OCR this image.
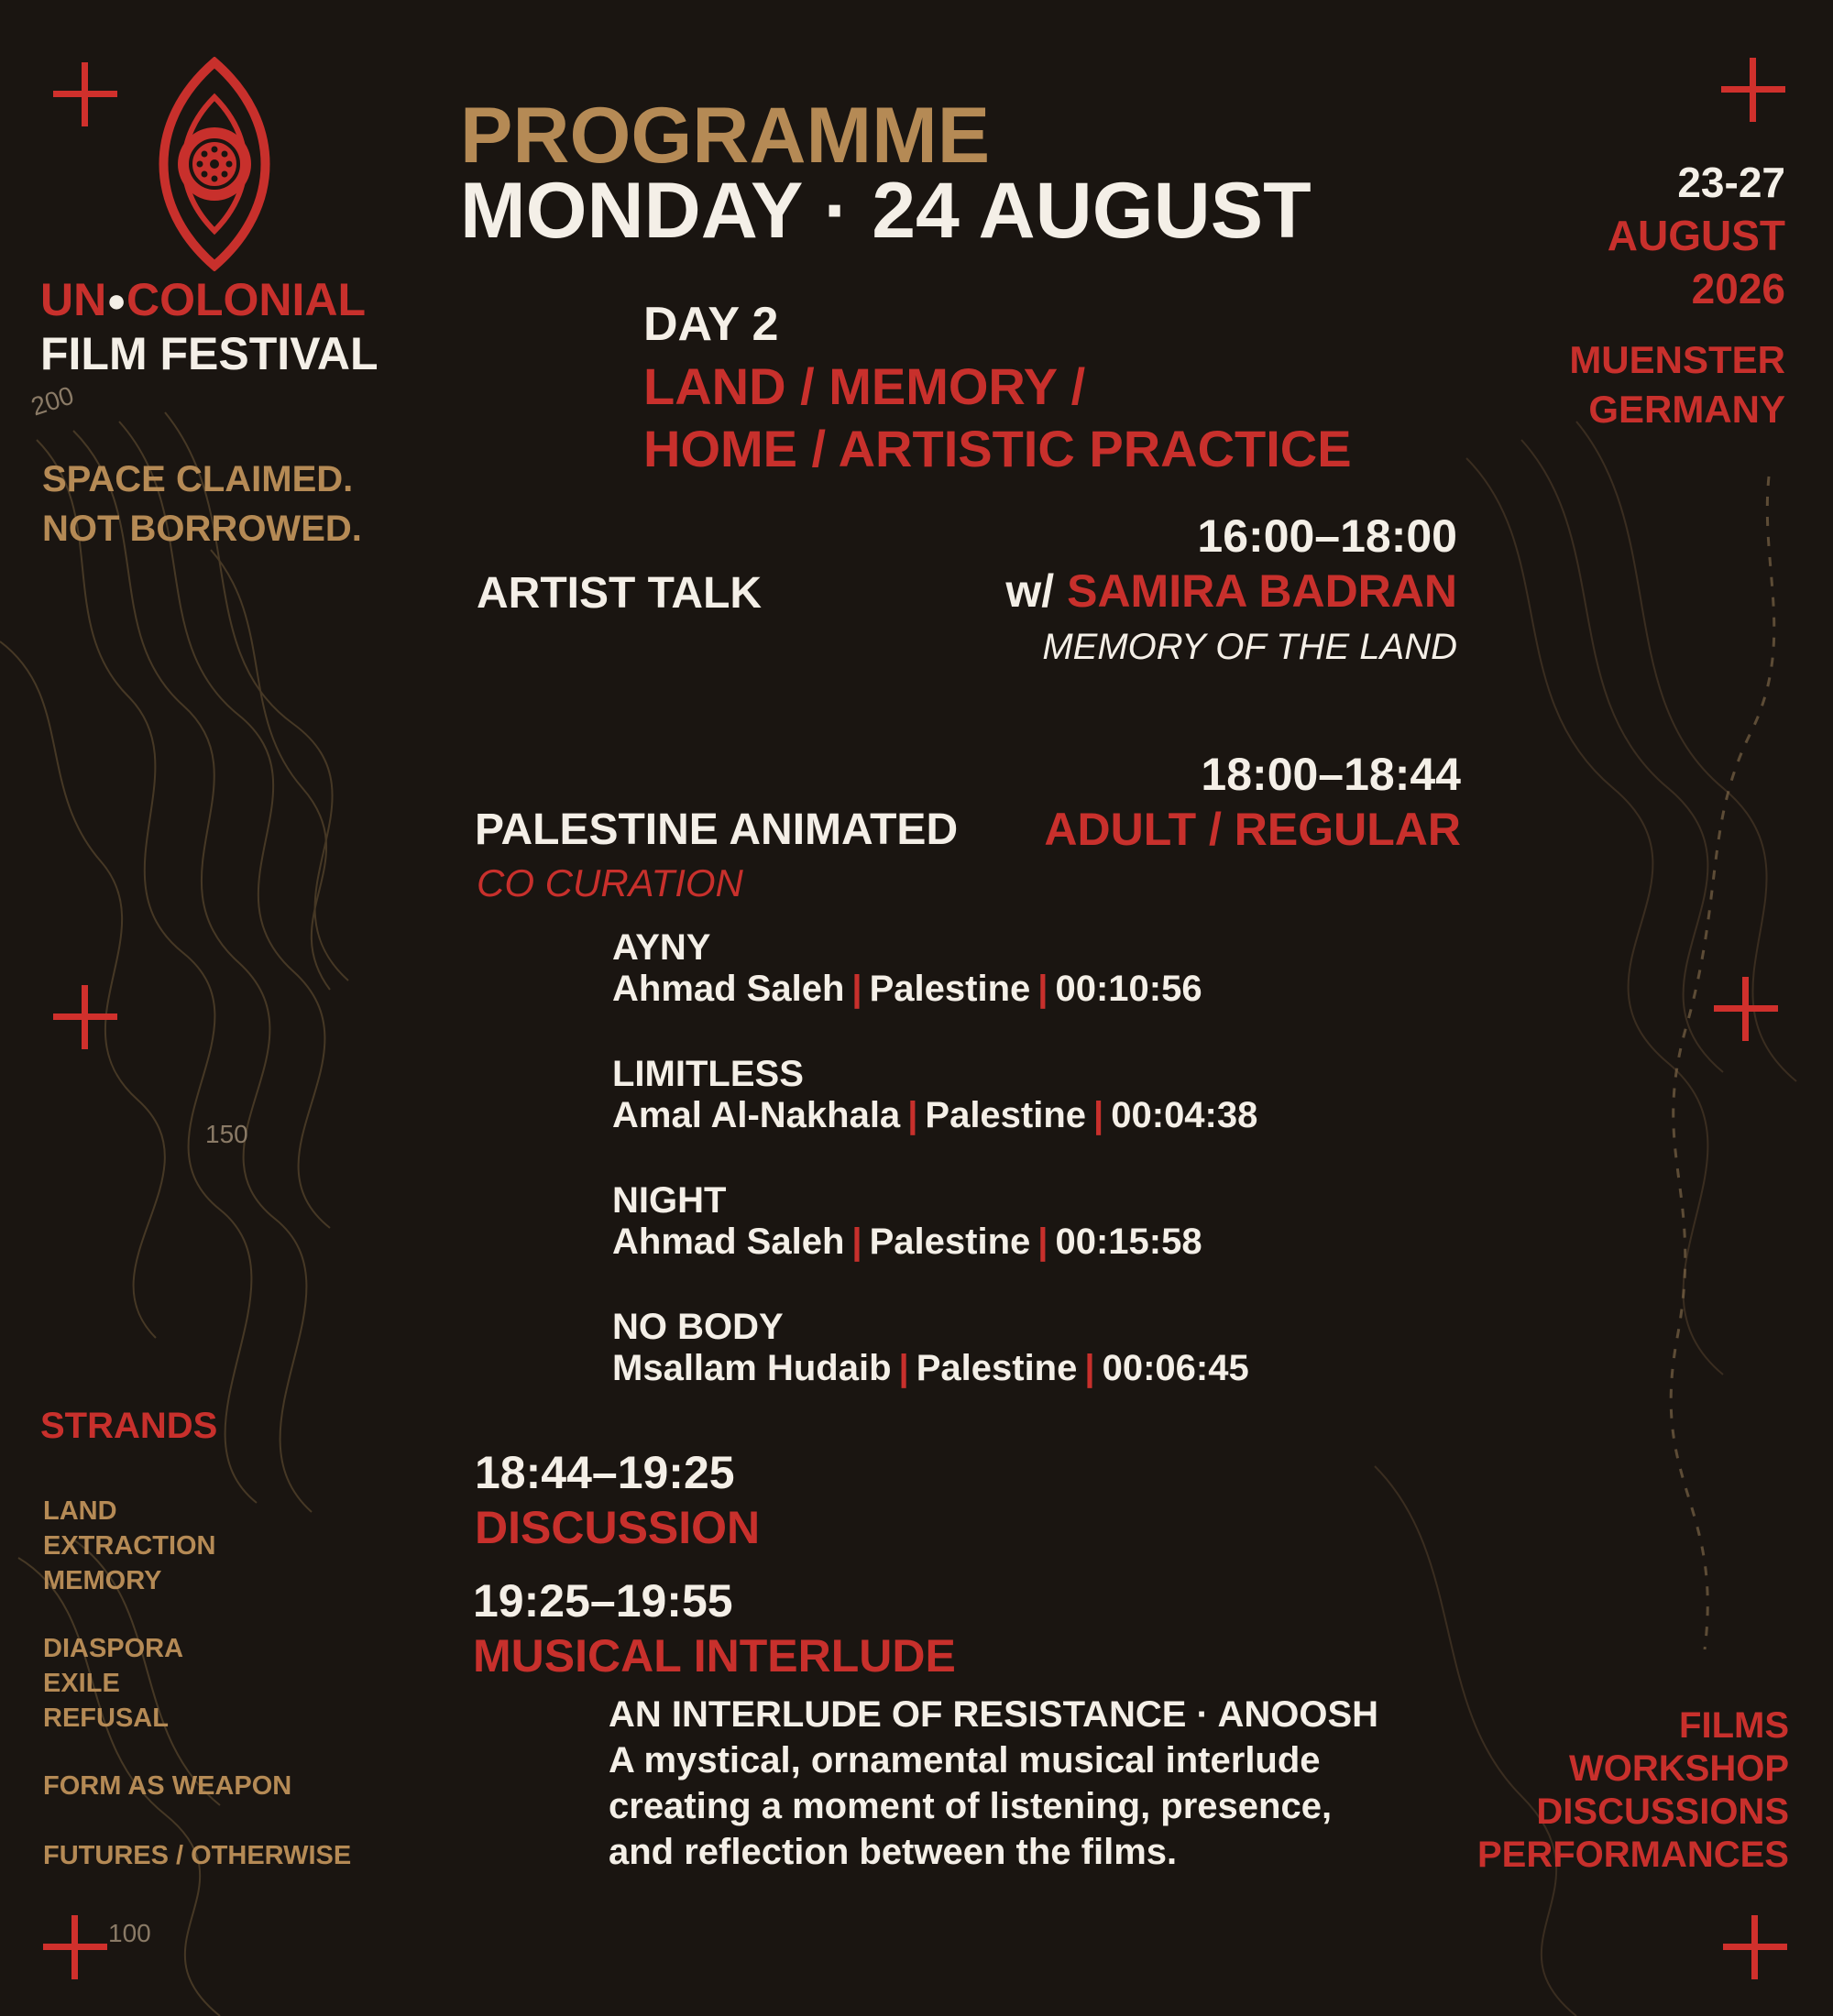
200
150
100
UN●COLONIAL
FILM FESTIVAL
SPACE CLAIMED.
NOT BORROWED.
PROGRAMME
MONDAY · 24 AUGUST
DAY 2
LAND / MEMORY /
HOME / ARTISTIC PRACTICE
23-27
AUGUST
2026
MUENSTER
GERMANY
16:00–18:00
ARTIST TALK	w/ SAMIRA BADRAN
MEMORY OF THE LAND
18:00–18:44
PALESTINE ANIMATED	ADULT / REGULAR
CO CURATION
AYNY
Ahmad Saleh | Palestine | 00:10:56
LIMITLESS
Amal Al-Nakhala | Palestine | 00:04:38
NIGHT
Ahmad Saleh | Palestine | 00:15:58
NO BODY
Msallam Hudaib | Palestine | 00:06:45
18:44–19:25
DISCUSSION
19:25–19:55
MUSICAL INTERLUDE
AN INTERLUDE OF RESISTANCE · ANOOSH
A mystical, ornamental musical interlude
creating a moment of listening, presence,
and reflection between the films.
STRANDS
LAND
EXTRACTION
MEMORY
DIASPORA
EXILE
REFUSAL
FORM AS WEAPON
FUTURES / OTHERWISE
FILMS
WORKSHOP
DISCUSSIONS
PERFORMANCES
